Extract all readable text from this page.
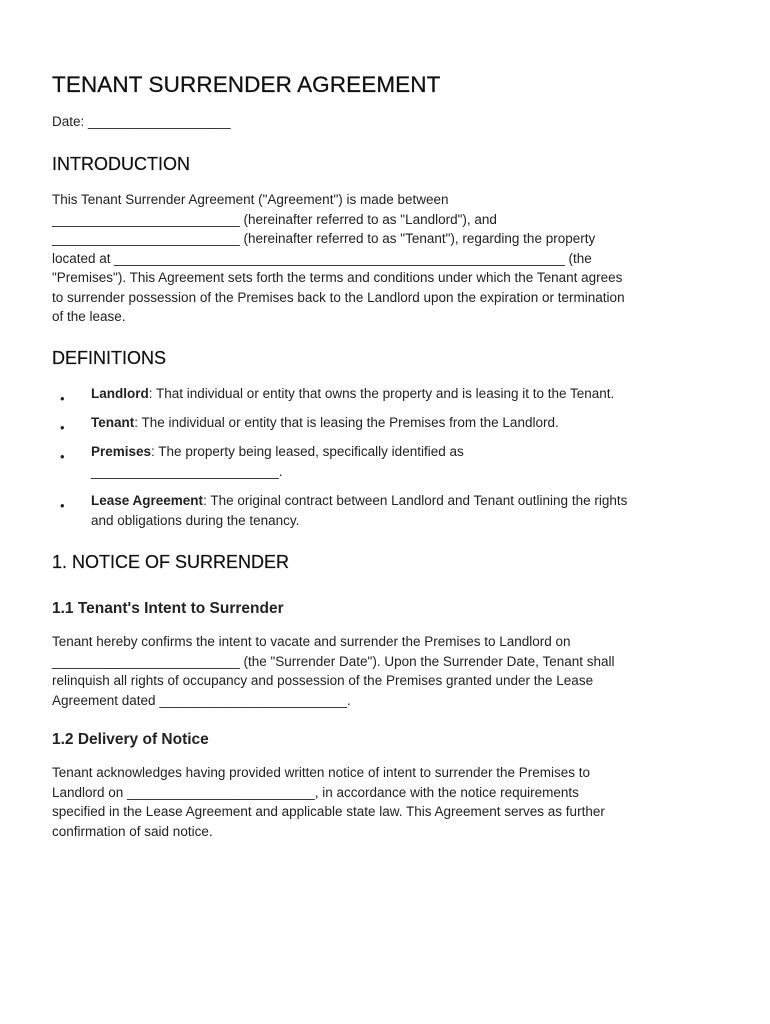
TENANT SURRENDER AGREEMENT

Date: ___________________

INTRODUCTION
This Tenant Surrender Agreement ("Agreement") is made between
_________________________ (hereinafter referred to as "Landlord"), and
_________________________ (hereinafter referred to as "Tenant"), regarding the property
located at ____________________________________________________________ (the
"Premises"). This Agreement sets forth the terms and conditions under which the Tenant agrees
to surrender possession of the Premises back to the Landlord upon the expiration or termination
of the lease.
DEFINITIONS
• Landlord: That individual or entity that owns the property and is leasing it to the Tenant.
• Tenant: The individual or entity that is leasing the Premises from the Landlord.
• Premises: The property being leased, specifically identified as
_________________________.
• Lease Agreement: The original contract between Landlord and Tenant outlining the rights
and obligations during the tenancy.
1. NOTICE OF SURRENDER
1.1 Tenant's Intent to Surrender
Tenant hereby confirms the intent to vacate and surrender the Premises to Landlord on
_________________________ (the "Surrender Date"). Upon the Surrender Date, Tenant shall
relinquish all rights of occupancy and possession of the Premises granted under the Lease
Agreement dated _________________________.
1.2 Delivery of Notice
Tenant acknowledges having provided written notice of intent to surrender the Premises to
Landlord on _________________________, in accordance with the notice requirements
specified in the Lease Agreement and applicable state law. This Agreement serves as further
confirmation of said notice.
